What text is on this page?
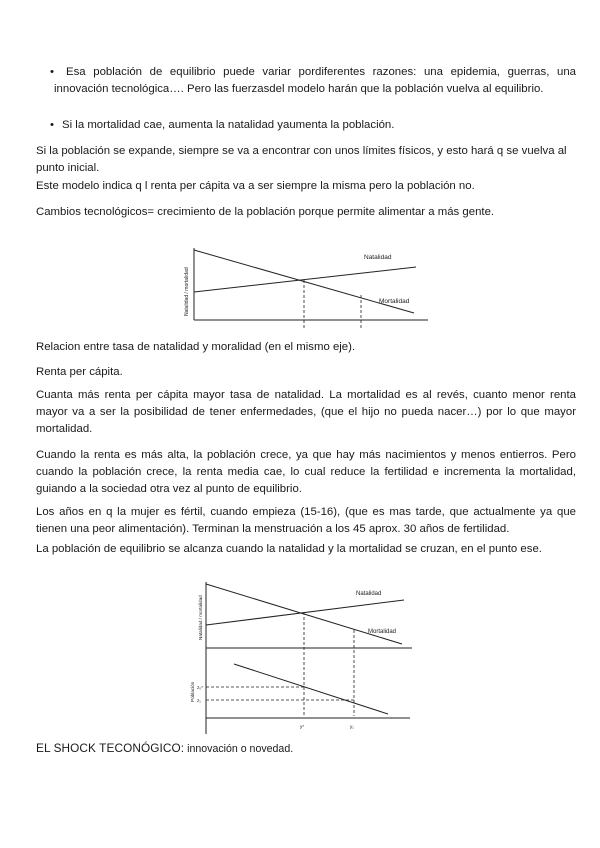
•	Esa población de equilibrio puede variar pordiferentes razones: una epidemia, guerras, una innovación tecnológica…. Pero las fuerzasdel modelo harán que la población vuelva al equilibrio.

• Si la mortalidad cae, aumenta la natalidad yaumenta la población.

Si la población se expande, siempre se va a encontrar con unos límites físicos, y esto hará q se vuelva al punto inicial.

Este modelo indica q l renta per cápita va a ser siempre la misma pero la población no.

Cambios tecnológicos= crecimiento de la población porque permite alimentar a más gente.

Natalidad
Mortalidad
Natalidad / mortalidad

Relacion entre tasa de natalidad y moralidad (en el mismo eje).

Renta per cápita.

Cuanta más renta per cápita mayor tasa de natalidad. La mortalidad es al revés, cuanto menor renta mayor va a ser la posibilidad de tener enfermedades, (que el hijo no pueda nacer…) por lo que mayor mortalidad.

Cuando la renta es más alta, la población crece, ya que hay más nacimientos y menos entierros. Pero cuando la población crece, la renta media cae, lo cual reduce la fertilidad e incrementa la mortalidad, guiando a la sociedad otra vez al punto de equilibrio.

Los años en q la mujer es fértil, cuando empieza (15-16), (que es mas tarde, que actualmente ya que tienen una peor alimentación). Terminan la menstruación a los 45 aprox. 30 años de fertilidad.

La población de equilibrio se alcanza cuando la natalidad y la mortalidad se cruzan, en el punto ese.

Natalidad
Mortalidad
Natalidad / mortalidad
Población z₀*
z₁
y*	y₁
EL SHOCK TECONÓGICO: innovación o novedad.
